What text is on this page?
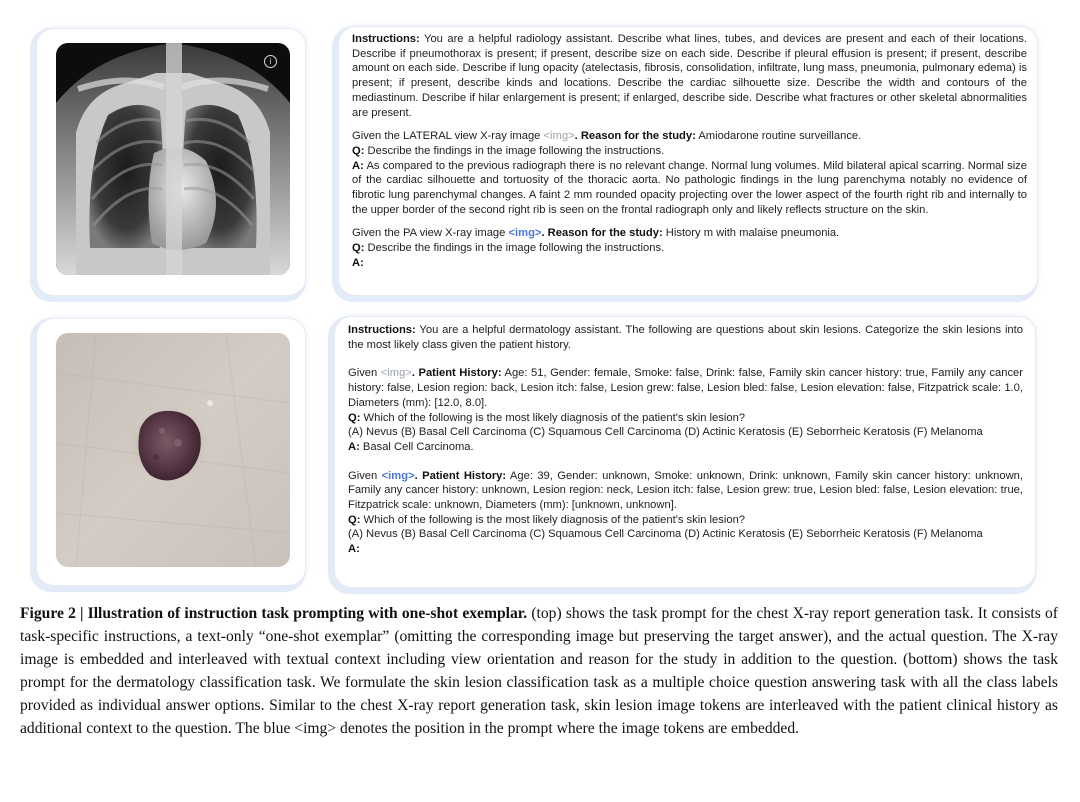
i

Instructions: You are a helpful radiology assistant. Describe what lines, tubes, and devices are present and each of their locations. Describe if pneumothorax is present; if present, describe size on each side. Describe if pleural effusion is present; if present, describe amount on each side. Describe if lung opacity (atelectasis, fibrosis, consolidation, infiltrate, lung mass, pneumonia, pulmonary edema) is present; if present, describe kinds and locations. Describe the cardiac silhouette size. Describe the width and contours of the mediastinum. Describe if hilar enlargement is present; if enlarged, describe side. Describe what fractures or other skeletal abnormalities are present.

Given the LATERAL view X-ray image <img>. Reason for the study: Amiodarone routine surveillance.

Q: Describe the findings in the image following the instructions.

A: As compared to the previous radiograph there is no relevant change. Normal lung volumes. Mild bilateral apical scarring. Normal size of the cardiac silhouette and tortuosity of the thoracic aorta. No pathologic findings in the lung parenchyma notably no evidence of fibrotic lung parenchymal changes. A faint 2 mm rounded opacity projecting over the lower aspect of the fourth right rib and internally to the upper border of the second right rib is seen on the frontal radiograph only and likely reflects structure on the skin.

Given the PA view X-ray image <img>. Reason for the study: History m with malaise pneumonia.

Q: Describe the findings in the image following the instructions.

A:

Instructions: You are a helpful dermatology assistant. The following are questions about skin lesions. Categorize the skin lesions into the most likely class given the patient history.

Given <img>. Patient History: Age: 51, Gender: female, Smoke: false, Drink: false, Family skin cancer history: true, Family any cancer history: false, Lesion region: back, Lesion itch: false, Lesion grew: false, Lesion bled: false, Lesion elevation: false, Fitzpatrick scale: 1.0, Diameters (mm): [12.0, 8.0].

Q: Which of the following is the most likely diagnosis of the patient's skin lesion?

(A) Nevus (B) Basal Cell Carcinoma (C) Squamous Cell Carcinoma (D) Actinic Keratosis (E) Seborrheic Keratosis (F) Melanoma

A: Basal Cell Carcinoma.

Given <img>. Patient History: Age: 39, Gender: unknown, Smoke: unknown, Drink: unknown, Family skin cancer history: unknown, Family any cancer history: unknown, Lesion region: neck, Lesion itch: false, Lesion grew: true, Lesion bled: false, Lesion elevation: true, Fitzpatrick scale: unknown, Diameters (mm): [unknown, unknown].

Q: Which of the following is the most likely diagnosis of the patient's skin lesion?

(A) Nevus (B) Basal Cell Carcinoma (C) Squamous Cell Carcinoma (D) Actinic Keratosis (E) Seborrheic Keratosis (F) Melanoma

A:

Figure 2 | Illustration of instruction task prompting with one-shot exemplar. (top) shows the task prompt for the chest X-ray report generation task. It consists of task-specific instructions, a text-only “one-shot exemplar” (omitting the corresponding image but preserving the target answer), and the actual question. The X-ray image is embedded and interleaved with textual context including view orientation and reason for the study in addition to the question. (bottom) shows the task prompt for the dermatology classification task. We formulate the skin lesion classification task as a multiple choice question answering task with all the class labels provided as individual answer options. Similar to the chest X-ray report generation task, skin lesion image tokens are interleaved with the patient clinical history as additional context to the question. The blue <img> denotes the position in the prompt where the image tokens are embedded.
